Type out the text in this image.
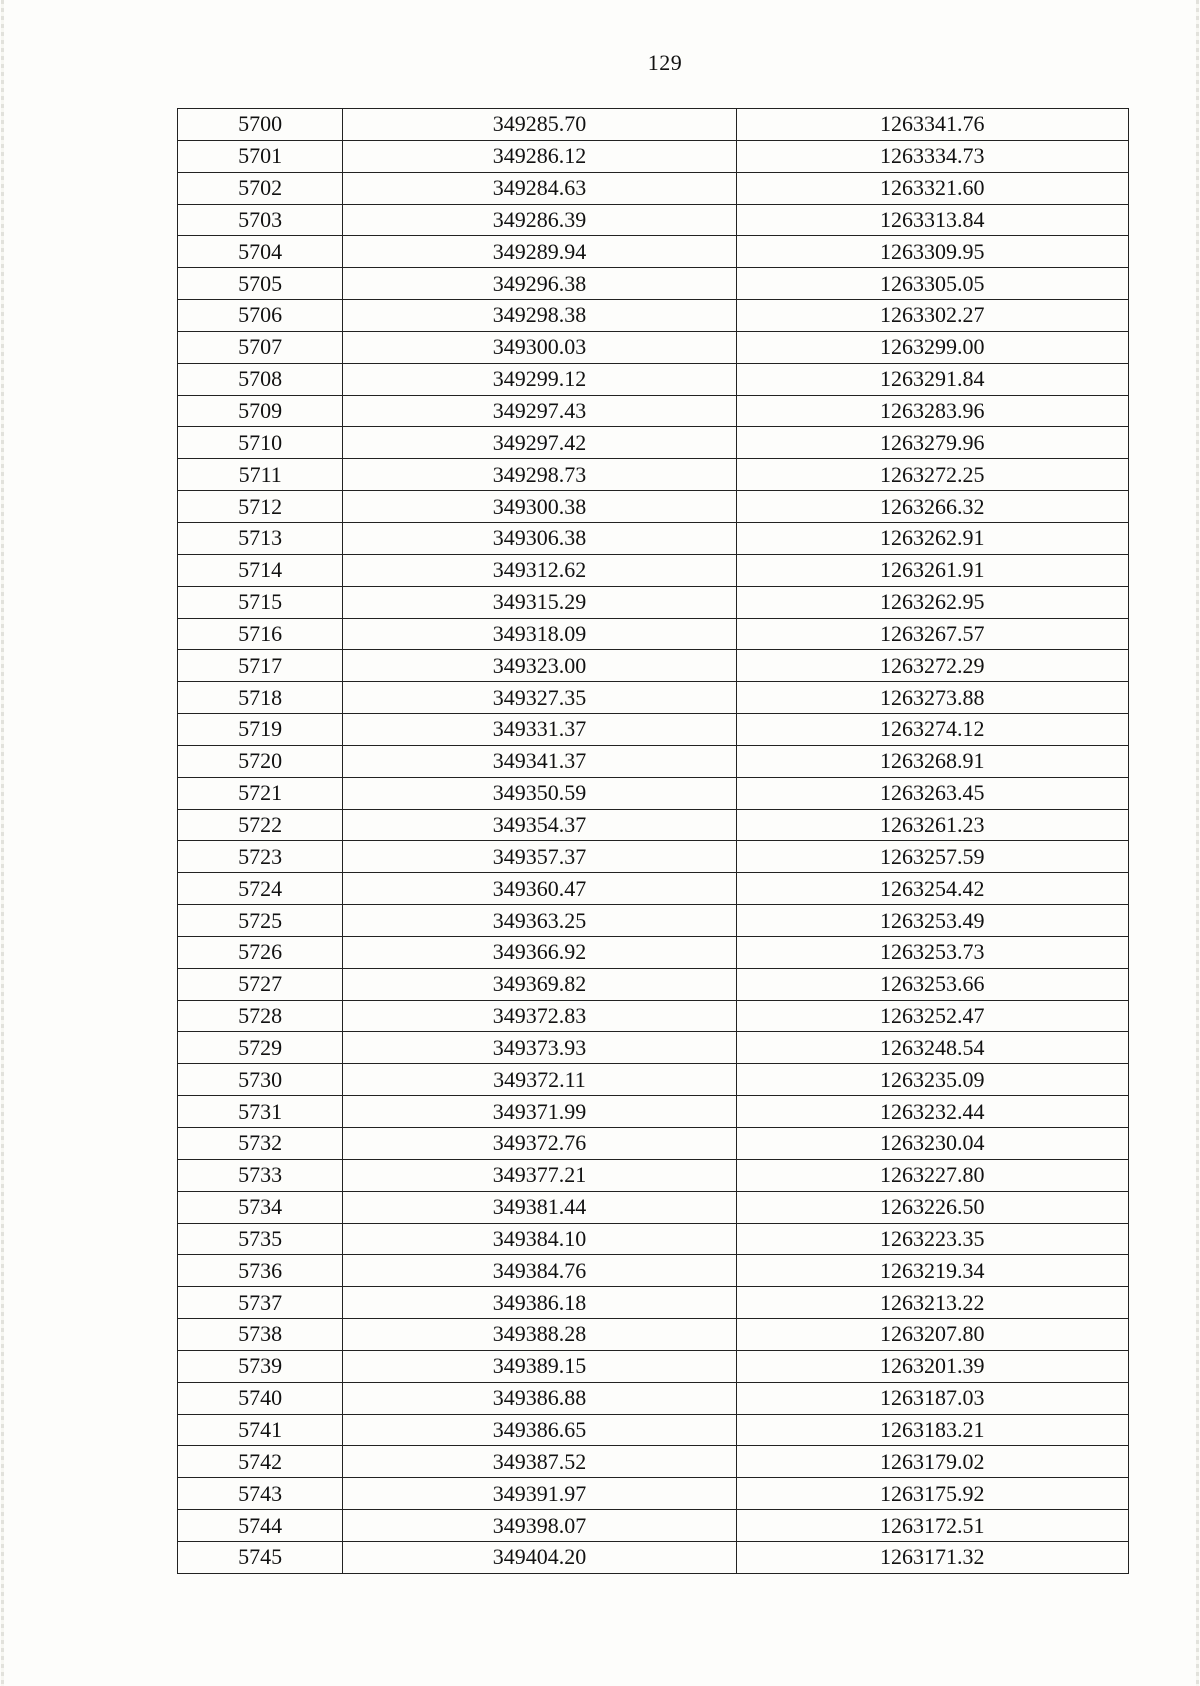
129
5700	349285.70	1263341.76
5701	349286.12	1263334.73
5702	349284.63	1263321.60
5703	349286.39	1263313.84
5704	349289.94	1263309.95
5705	349296.38	1263305.05
5706	349298.38	1263302.27
5707	349300.03	1263299.00
5708	349299.12	1263291.84
5709	349297.43	1263283.96
5710	349297.42	1263279.96
5711	349298.73	1263272.25
5712	349300.38	1263266.32
5713	349306.38	1263262.91
5714	349312.62	1263261.91
5715	349315.29	1263262.95
5716	349318.09	1263267.57
5717	349323.00	1263272.29
5718	349327.35	1263273.88
5719	349331.37	1263274.12
5720	349341.37	1263268.91
5721	349350.59	1263263.45
5722	349354.37	1263261.23
5723	349357.37	1263257.59
5724	349360.47	1263254.42
5725	349363.25	1263253.49
5726	349366.92	1263253.73
5727	349369.82	1263253.66
5728	349372.83	1263252.47
5729	349373.93	1263248.54
5730	349372.11	1263235.09
5731	349371.99	1263232.44
5732	349372.76	1263230.04
5733	349377.21	1263227.80
5734	349381.44	1263226.50
5735	349384.10	1263223.35
5736	349384.76	1263219.34
5737	349386.18	1263213.22
5738	349388.28	1263207.80
5739	349389.15	1263201.39
5740	349386.88	1263187.03
5741	349386.65	1263183.21
5742	349387.52	1263179.02
5743	349391.97	1263175.92
5744	349398.07	1263172.51
5745	349404.20	1263171.32
